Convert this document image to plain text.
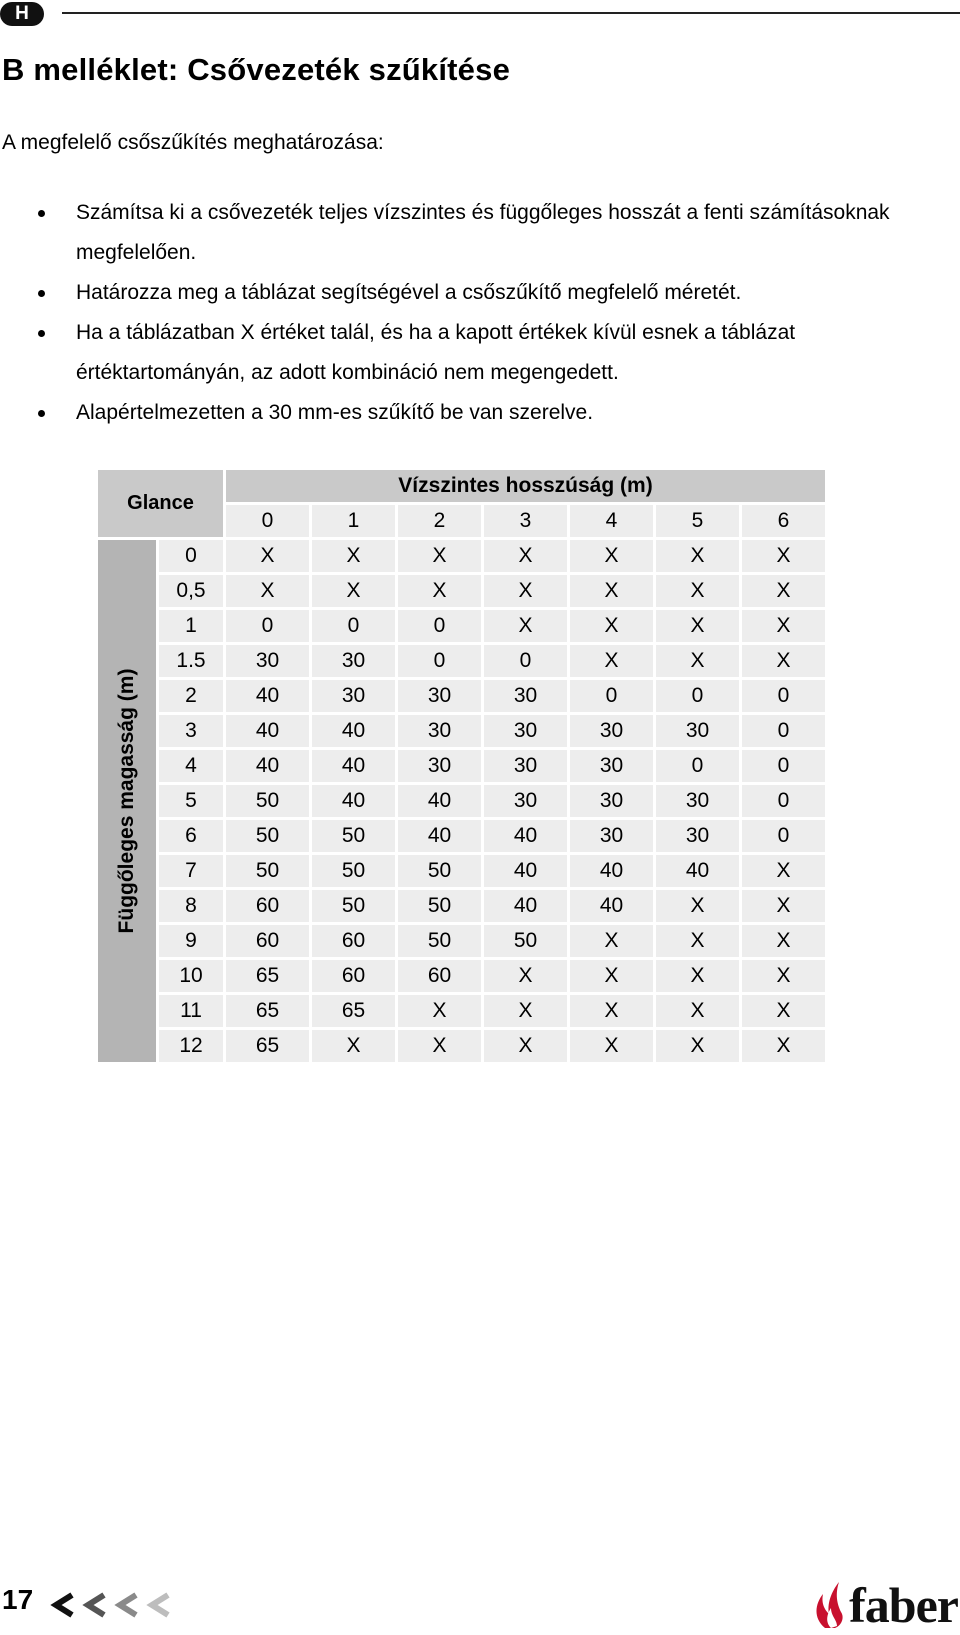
H
B melléklet: Csővezeték szűkítése
A megfelelő csőszűkítés meghatározása:
Számítsa ki a csővezeték teljes vízszintes és függőleges hosszát a fenti számításoknak megfelelően.
Határozza meg a táblázat segítségével a csőszűkítő megfelelő méretét.
Ha a táblázatban X értéket talál, és ha a kapott értékek kívül esnek a táblázat értéktartományán, az adott kombináció nem megengedett.
Alapértelmezetten a 30 mm-es szűkítő be van szerelve.
Glance
Vízszintes hosszúság (m)
0	1	2	3	4	5	6
Függőleges magasság (m)
0	X	X	X	X	X	X	X
0,5	X	X	X	X	X	X	X
1	0	0	0	X	X	X	X
1.5	30	30	0	0	X	X	X
2	40	30	30	30	0	0	0
3	40	40	30	30	30	30	0
4	40	40	30	30	30	0	0
5	50	40	40	30	30	30	0
6	50	50	40	40	30	30	0
7	50	50	50	40	40	40	X
8	60	50	50	40	40	X	X
9	60	60	50	50	X	X	X
10	65	60	60	X	X	X	X
11	65	65	X	X	X	X	X
12	65	X	X	X	X	X	X
17	faber
